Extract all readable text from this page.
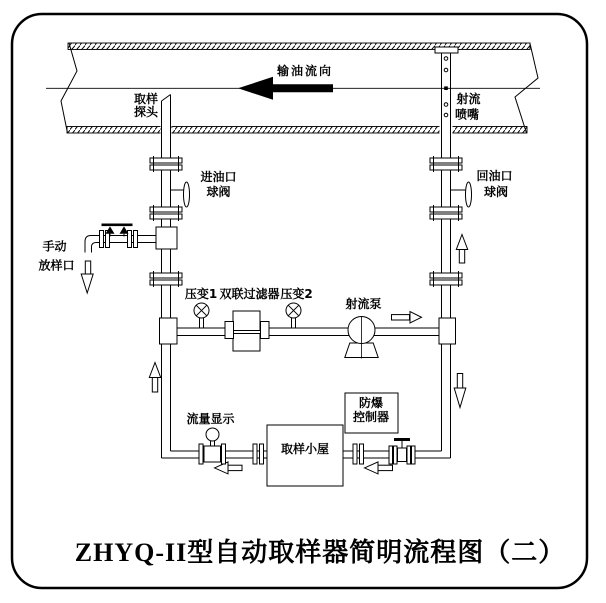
输油流向
取样
探头
射流
喷嘴
进油口
球阀
回油口
球阀
手动
放样口
压变1 双联过滤器 压变2
射流泵
流量显示
取样小屋
防爆
控制器
ZHYQ-II型自动取样器简明流程图（二）
